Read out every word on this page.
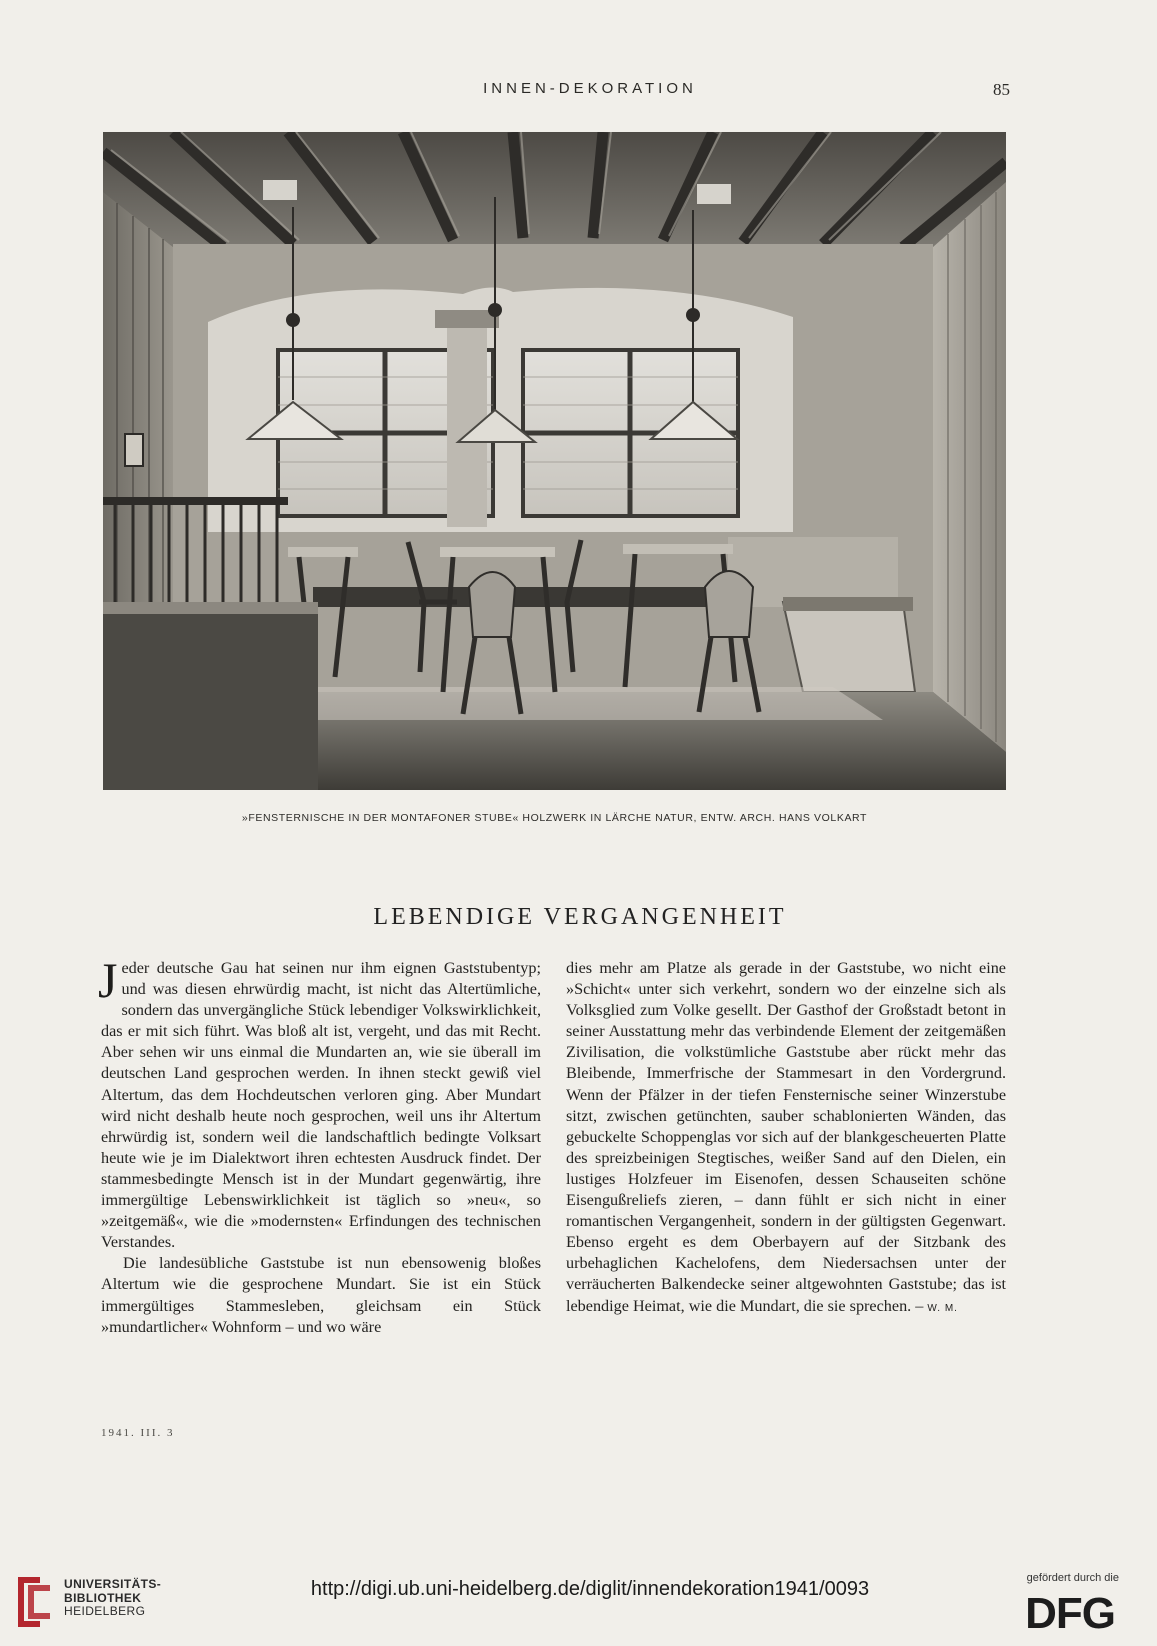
INNEN-DEKORATION	85
»FENSTERNISCHE IN DER MONTAFONER STUBE« HOLZWERK IN LÄRCHE NATUR, ENTW. ARCH. HANS VOLKART
LEBENDIGE VERGANGENHEIT

Jeder deutsche Gau hat seinen nur ihm eignen Gaststubentyp; und was diesen ehrwürdig macht, ist nicht das Altertümliche, sondern das unvergängliche Stück lebendiger Volkswirklichkeit, das er mit sich führt. Was bloß alt ist, vergeht, und das mit Recht. Aber sehen wir uns einmal die Mundarten an, wie sie überall im deutschen Land gesprochen werden. In ihnen steckt gewiß viel Altertum, das dem Hochdeutschen verloren ging. Aber Mundart wird nicht deshalb heute noch gesprochen, weil uns ihr Altertum ehrwürdig ist, sondern weil die landschaftlich bedingte Volksart heute wie je im Dialektwort ihren echtesten Ausdruck findet. Der stammesbedingte Mensch ist in der Mundart gegenwärtig, ihre immergültige Lebenswirklichkeit ist täglich so »neu«, so »zeitgemäß«, wie die »modernsten« Erfindungen des technischen Verstandes.

Die landesübliche Gaststube ist nun ebensowenig bloßes Altertum wie die gesprochene Mundart. Sie ist ein Stück immergültiges Stammesleben, gleichsam ein Stück »mundartlicher« Wohnform – und wo wäre

dies mehr am Platze als gerade in der Gaststube, wo nicht eine »Schicht« unter sich verkehrt, sondern wo der einzelne sich als Volksglied zum Volke gesellt. Der Gasthof der Großstadt betont in seiner Ausstattung mehr das verbindende Element der zeitgemäßen Zivilisation, die volkstümliche Gaststube aber rückt mehr das Bleibende, Immerfrische der Stammesart in den Vordergrund. Wenn der Pfälzer in der tiefen Fensternische seiner Winzerstube sitzt, zwischen getünchten, sauber schablonierten Wänden, das gebuckelte Schoppenglas vor sich auf der blankgescheuerten Platte des spreizbeinigen Stegtisches, weißer Sand auf den Dielen, ein lustiges Holzfeuer im Eisenofen, dessen Schauseiten schöne Eisengußreliefs zieren, – dann fühlt er sich nicht in einer romantischen Vergangenheit, sondern in der gültigsten Gegenwart. Ebenso ergeht es dem Oberbayern auf der Sitzbank des urbehaglichen Kachelofens, dem Niedersachsen unter der verräucherten Balkendecke seiner altgewohnten Gaststube; das ist lebendige Heimat, wie die Mundart, die sie sprechen. – W. M.

1941. III. 3
UNIVERSITÄTS-
BIBLIOTHEK
HEIDELBERG
http://digi.ub.uni-heidelberg.de/diglit/innendekoration1941/0093	gefördert durch die
DFG
